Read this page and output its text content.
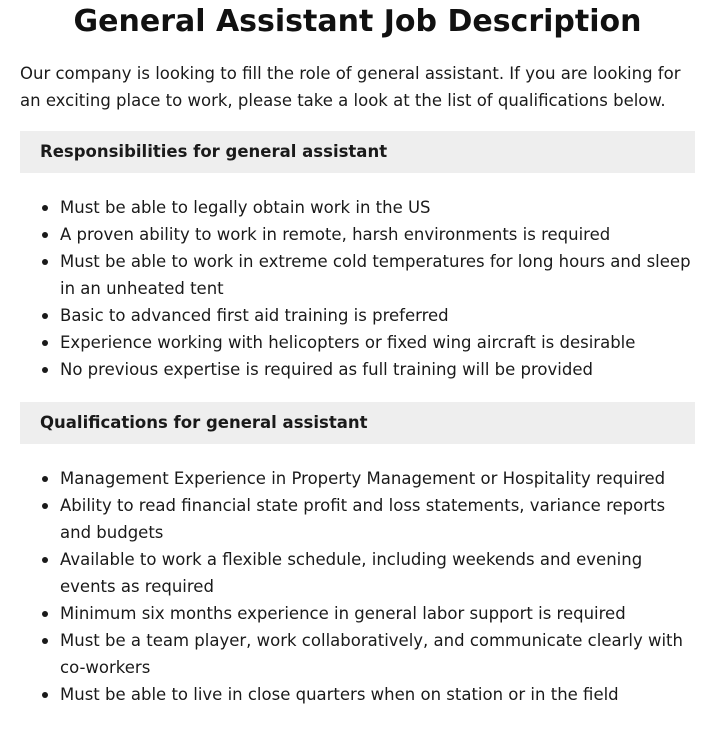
General Assistant Job Description

Our company is looking to fill the role of general assistant. If you are looking for an exciting place to work, please take a look at the list of qualifications below.

Responsibilities for general assistant
Must be able to legally obtain work in the US
A proven ability to work in remote, harsh environments is required
Must be able to work in extreme cold temperatures for long hours and sleep in an unheated tent
Basic to advanced first aid training is preferred
Experience working with helicopters or fixed wing aircraft is desirable
No previous expertise is required as full training will be provided
Qualifications for general assistant
Management Experience in Property Management or Hospitality required
Ability to read financial state profit and loss statements, variance reports and budgets
Available to work a flexible schedule, including weekends and evening events as required
Minimum six months experience in general labor support is required
Must be a team player, work collaboratively, and communicate clearly with co-workers
Must be able to live in close quarters when on station or in the field
